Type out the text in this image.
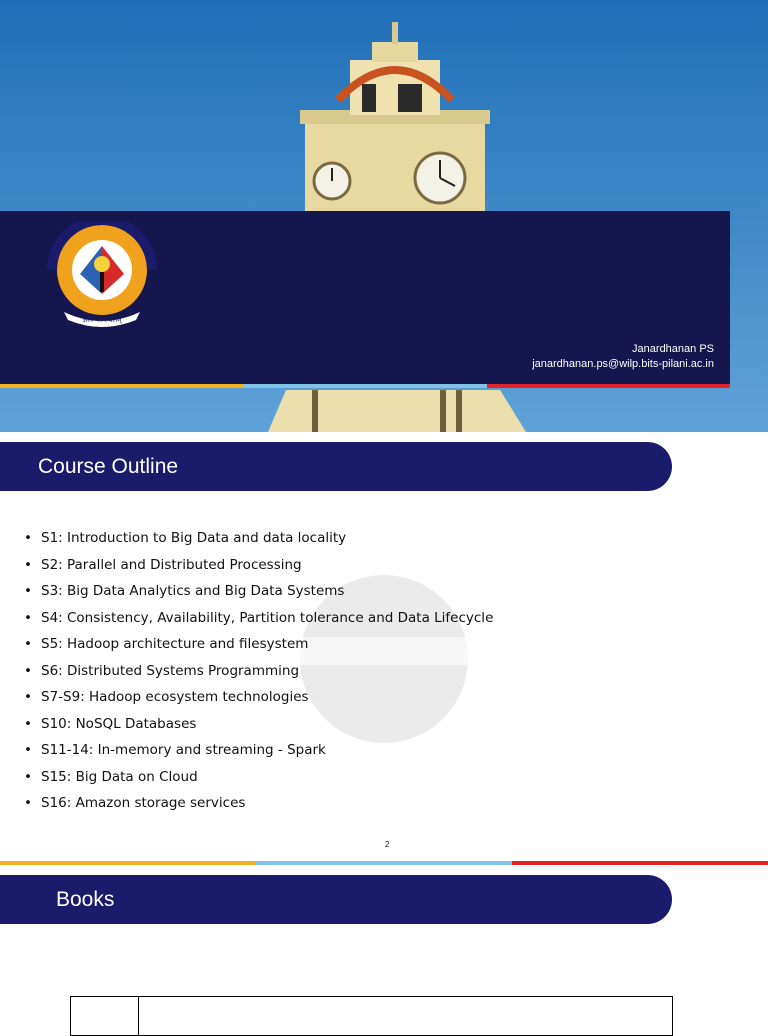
ज्ञानं परमं बलम्
Janardhanan PS
janardhanan.ps@wilp.bits-pilani.ac.in
Course Outline
• S1: Introduction to Big Data and data locality
• S2: Parallel and Distributed Processing
• S3: Big Data Analytics and Big Data Systems
• S4: Consistency, Availability, Partition tolerance and Data Lifecycle
• S5: Hadoop architecture and filesystem
• S6: Distributed Systems Programming
• S7-S9: Hadoop ecosystem technologies
• S10: NoSQL Databases
• S11-14: In-memory and streaming - Spark
• S15: Big Data on Cloud
• S16: Amazon storage services
2
Books
